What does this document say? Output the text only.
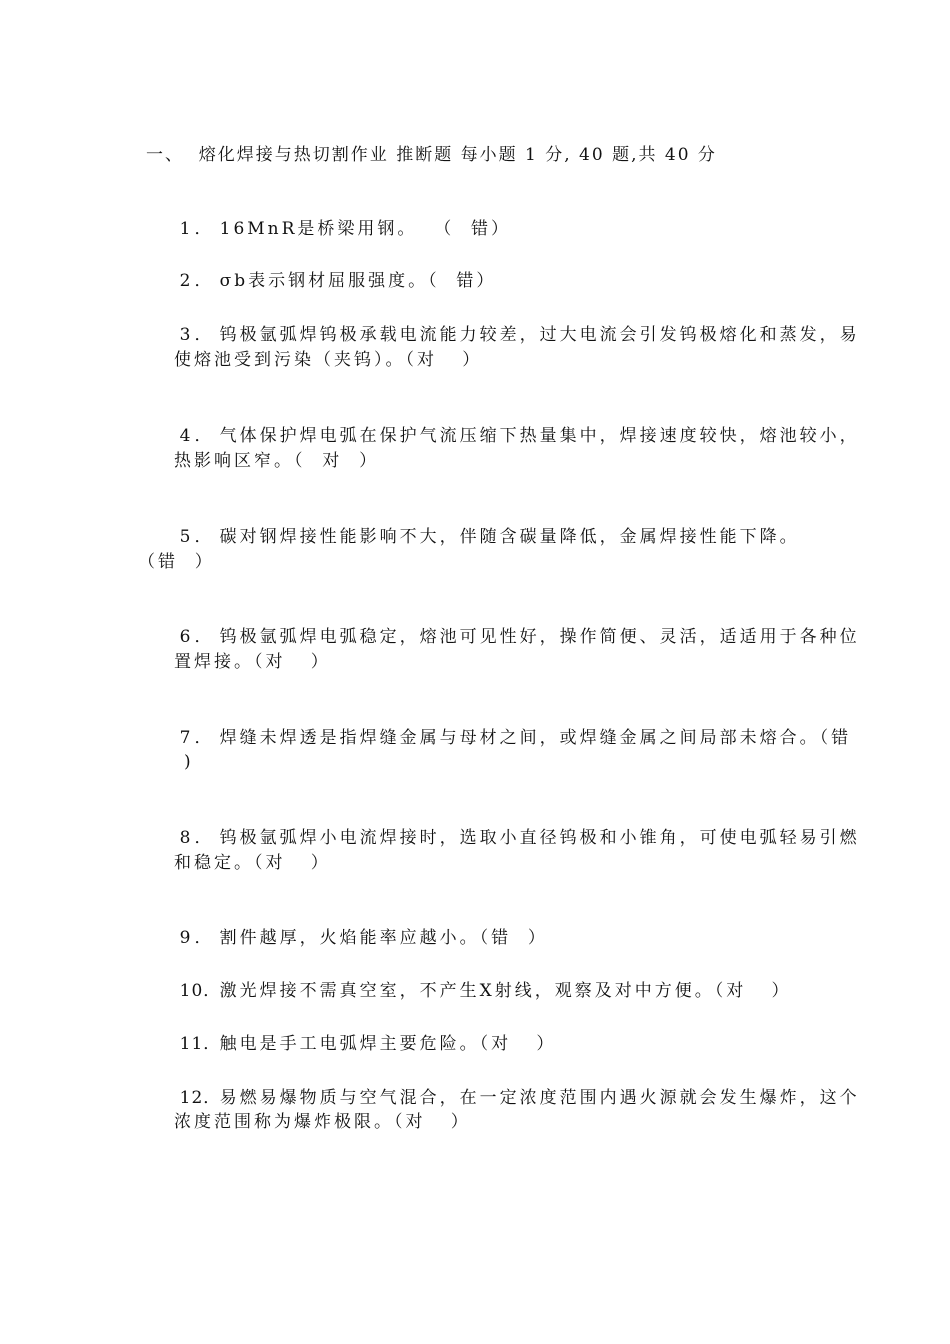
一、  熔化焊接与热切割作业 推断题 每小题 1 分, 40 题,共 40 分

1． 16MnR是桥梁用钢。  （  错）

2． σb表示钢材屈服强度。（  错）

3． 钨极氩弧焊钨极承载电流能力较差，过大电流会引发钨极熔化和蒸发，易

使熔池受到污染（夹钨）。（对   ）

4． 气体保护焊电弧在保护气流压缩下热量集中，焊接速度较快，熔池较小，

热影响区窄。（  对  ）

5． 碳对钢焊接性能影响不大，伴随含碳量降低，金属焊接性能下降。

（错  ）

6． 钨极氩弧焊电弧稳定，熔池可见性好，操作简便、灵活，适适用于各种位

置焊接。（对   ）

7． 焊缝未焊透是指焊缝金属与母材之间，或焊缝金属之间局部未熔合。（错

)

8． 钨极氩弧焊小电流焊接时，选取小直径钨极和小锥角，可使电弧轻易引燃

和稳定。（对   ）

9． 割件越厚，火焰能率应越小。（错  ）

10．激光焊接不需真空室，不产生X射线，观察及对中方便。（对   ）

11．触电是手工电弧焊主要危险。（对   ）

12．易燃易爆物质与空气混合，在一定浓度范围内遇火源就会发生爆炸，这个

浓度范围称为爆炸极限。（对   ）
